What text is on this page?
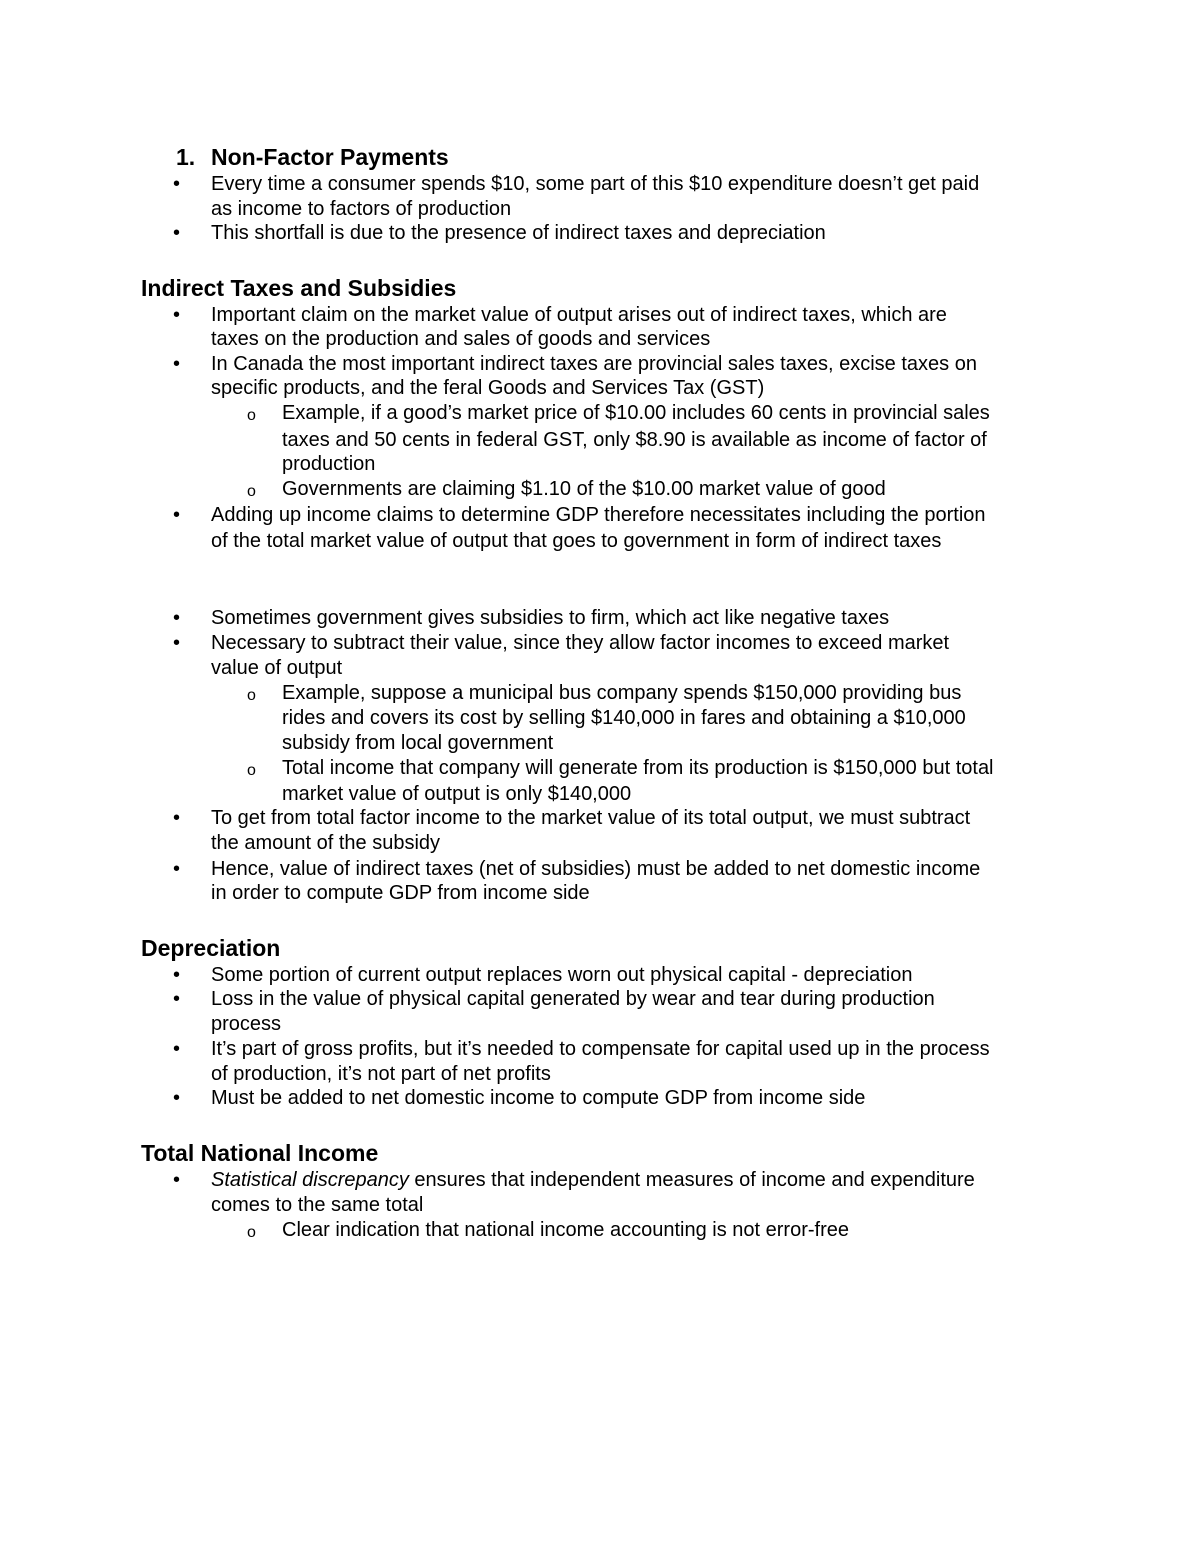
1. Non-Factor Payments
• Every time a consumer spends $10, some part of this $10 expenditure doesn’t get paid
as income to factors of production
• This shortfall is due to the presence of indirect taxes and depreciation
Indirect Taxes and Subsidies
• Important claim on the market value of output arises out of indirect taxes, which are
taxes on the production and sales of goods and services
• In Canada the most important indirect taxes are provincial sales taxes, excise taxes on
specific products, and the feral Goods and Services Tax (GST)
o Example, if a good’s market price of $10.00 includes 60 cents in provincial sales
taxes and 50 cents in federal GST, only $8.90 is available as income of factor of
production
o Governments are claiming $1.10 of the $10.00 market value of good
• Adding up income claims to determine GDP therefore necessitates including the portion
of the total market value of output that goes to government in form of indirect taxes
• Sometimes government gives subsidies to firm, which act like negative taxes
• Necessary to subtract their value, since they allow factor incomes to exceed market
value of output
o Example, suppose a municipal bus company spends $150,000 providing bus
rides and covers its cost by selling $140,000 in fares and obtaining a $10,000
subsidy from local government
o Total income that company will generate from its production is $150,000 but total
market value of output is only $140,000
• To get from total factor income to the market value of its total output, we must subtract
the amount of the subsidy
• Hence, value of indirect taxes (net of subsidies) must be added to net domestic income
in order to compute GDP from income side
Depreciation
• Some portion of current output replaces worn out physical capital - depreciation
• Loss in the value of physical capital generated by wear and tear during production
process
• It’s part of gross profits, but it’s needed to compensate for capital used up in the process
of production, it’s not part of net profits
• Must be added to net domestic income to compute GDP from income side
Total National Income
• Statistical discrepancy ensures that independent measures of income and expenditure
comes to the same total
o Clear indication that national income accounting is not error-free
